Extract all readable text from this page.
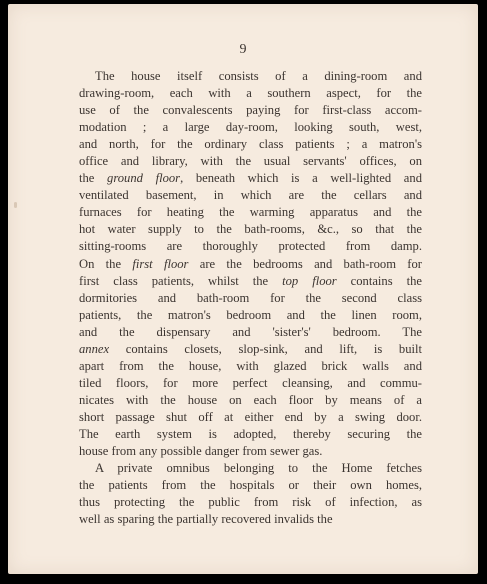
9
The house itself consists of a dining-room and
drawing-room, each with a southern aspect, for the
use of the convalescents paying for first-class accom-
modation ; a large day-room, looking south, west,
and north, for the ordinary class patients ; a matron's
office and library, with the usual servants' offices, on
the ground floor, beneath which is a well-lighted and
ventilated basement, in which are the cellars and
furnaces for heating the warming apparatus and the
hot water supply to the bath-rooms, &c., so that the
sitting-rooms are thoroughly protected from damp.
On the first floor are the bedrooms and bath-room for
first class patients, whilst the top floor contains the
dormitories and bath-room for the second class
patients, the matron's bedroom and the linen room,
and the dispensary and 'sister's' bedroom. The
annex contains closets, slop-sink, and lift, is built
apart from the house, with glazed brick walls and
tiled floors, for more perfect cleansing, and commu-
nicates with the house on each floor by means of a
short passage shut off at either end by a swing door.
The earth system is adopted, thereby securing the
house from any possible danger from sewer gas.
A private omnibus belonging to the Home fetches
the patients from the hospitals or their own homes,
thus protecting the public from risk of infection, as
well as sparing the partially recovered invalids the
